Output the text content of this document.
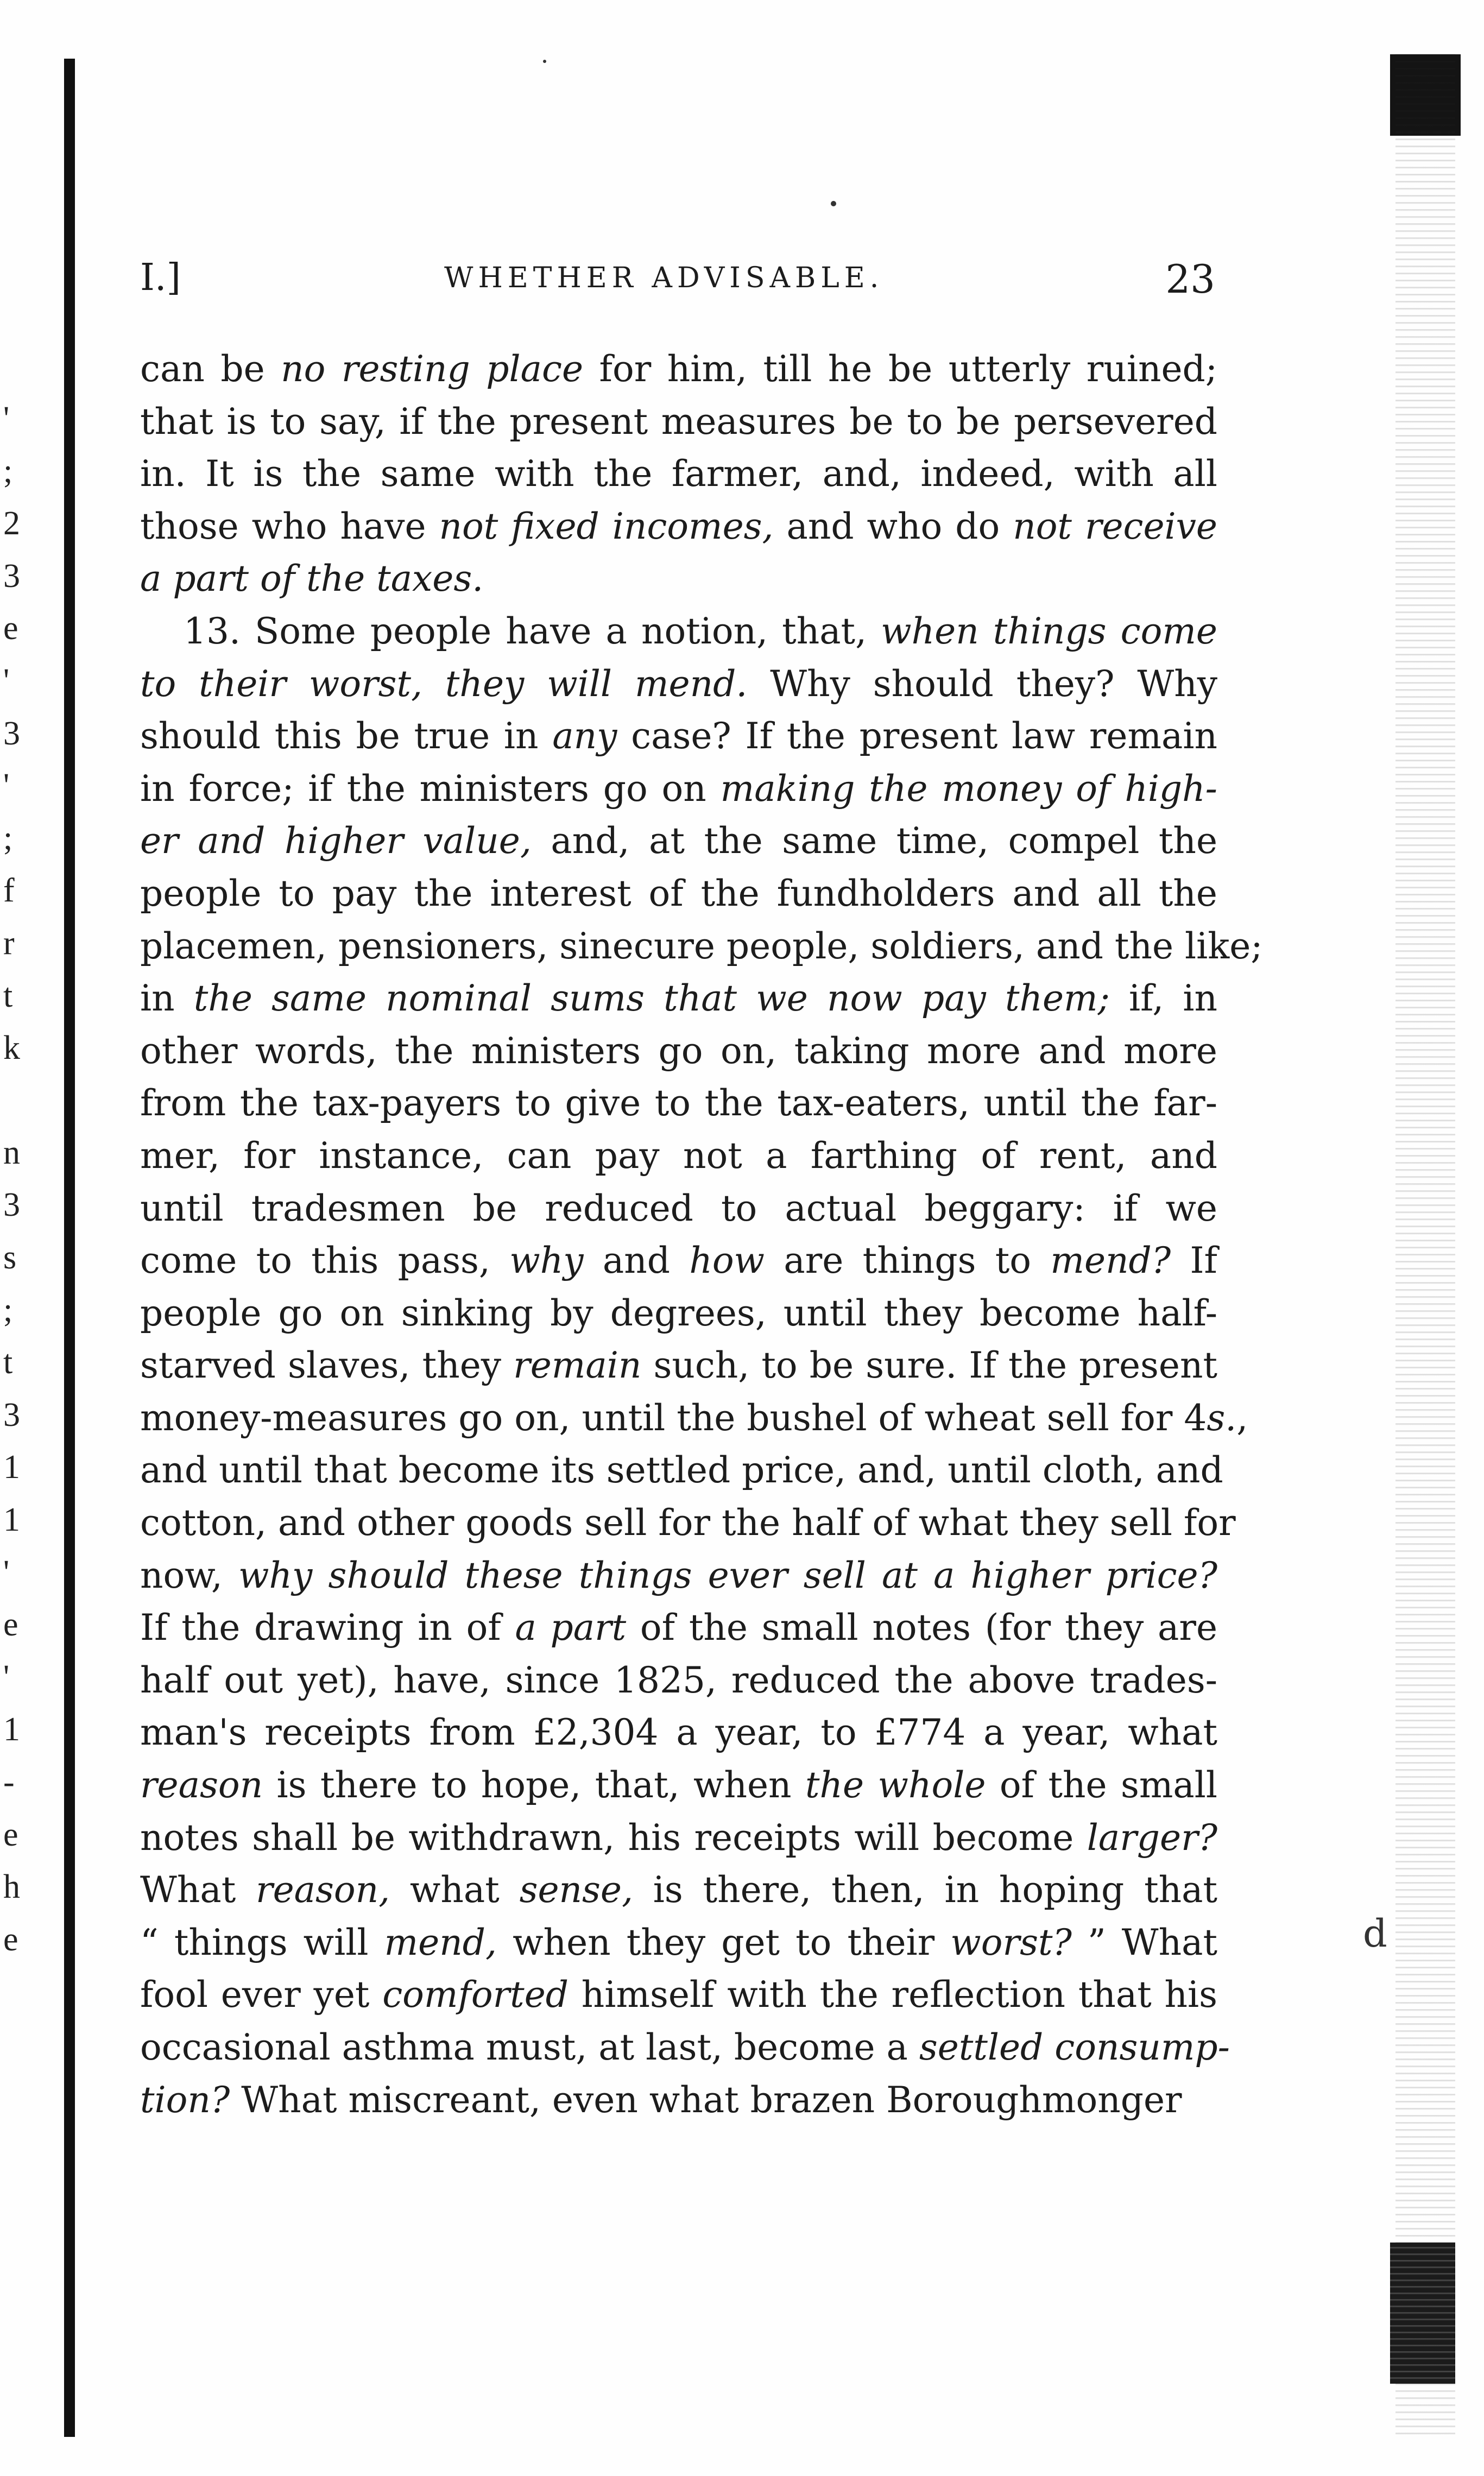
'
;
2
3
e
'
3
'
;
f
r
t
k
n
3
s
;
t
3
1
1
'
e
'
1
-
e
h
e	d
I.]	WHETHER ADVISABLE.	23
can be no resting place for him, till he be utterly ruined;
that is to say, if the present measures be to be persevered
in. It is the same with the farmer, and, indeed, with all
those who have not fixed incomes, and who do not receive
a part of the taxes.
13. Some people have a notion, that, when things come
to their worst, they will mend. Why should they? Why
should this be true in any case? If the present law remain
in force; if the ministers go on making the money of high-
er and higher value, and, at the same time, compel the
people to pay the interest of the fundholders and all the
placemen, pensioners, sinecure people, soldiers, and the like;
in the same nominal sums that we now pay them; if, in
other words, the ministers go on, taking more and more
from the tax-payers to give to the tax-eaters, until the far-
mer, for instance, can pay not a farthing of rent, and
until tradesmen be reduced to actual beggary: if we
come to this pass, why and how are things to mend? If
people go on sinking by degrees, until they become half-
starved slaves, they remain such, to be sure. If the present
money-measures go on, until the bushel of wheat sell for 4s.,
and until that become its settled price, and, until cloth, and
cotton, and other goods sell for the half of what they sell for
now, why should these things ever sell at a higher price?
If the drawing in of a part of the small notes (for they are
half out yet), have, since 1825, reduced the above trades-
man's receipts from £2,304 a year, to £774 a year, what
reason is there to hope, that, when the whole of the small
notes shall be withdrawn, his receipts will become larger?
What reason, what sense, is there, then, in hoping that
“ things will mend, when they get to their worst? ” What
fool ever yet comforted himself with the reflection that his
occasional asthma must, at last, become a settled consump-
tion? What miscreant, even what brazen Boroughmonger
